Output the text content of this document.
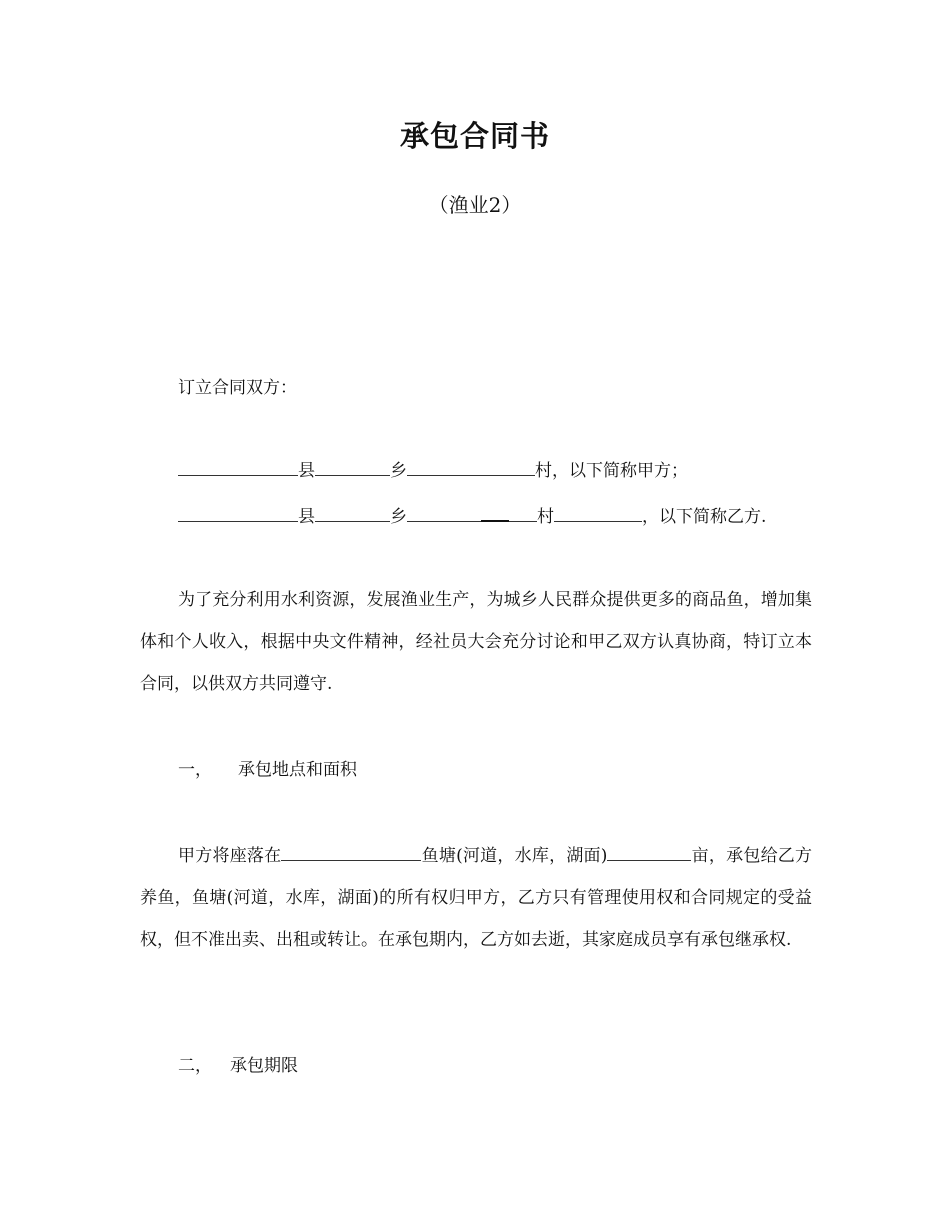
承包合同书
（渔业2）
订立合同双方：
县	乡	村，以下简称甲方；
县	乡	村	，以下简称乙方.
为了充分利用水利资源，发展渔业生产，为城乡人民群众提供更多的商品鱼，增加集体和个人收入，根据中央文件精神，经社员大会充分讨论和甲乙双方认真协商，特订立本合同，以供双方共同遵守.
一， 承包地点和面积
甲方将座落在	鱼塘(河道，水库，湖面)	亩，承包给乙方养鱼，鱼塘(河道，水库，湖面)的所有权归甲方，乙方只有管理使用权和合同规定的受益权，但不准出卖、出租或转让。在承包期内，乙方如去逝，其家庭成员享有承包继承权.
二， 承包期限
